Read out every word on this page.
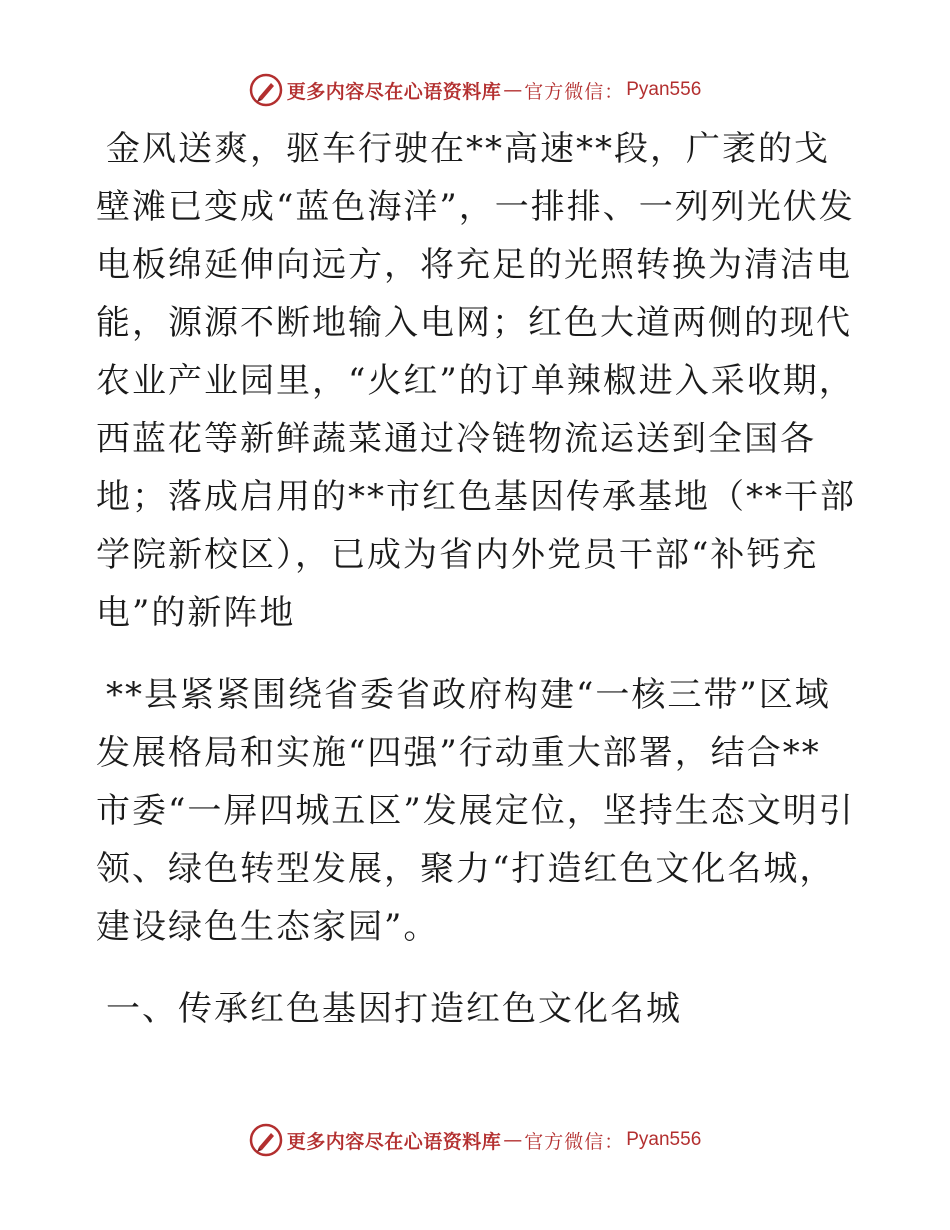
更多内容尽在心语资料库 — 官方微信： Pyan556

金风送爽，驱车行驶在**高速**段，广袤的戈壁滩已变成“蓝色海洋”，一排排、一列列光伏发电板绵延伸向远方，将充足的光照转换为清洁电能，源源不断地输入电网；红色大道两侧的现代农业产业园里，“火红”的订单辣椒进入采收期，西蓝花等新鲜蔬菜通过冷链物流运送到全国各地；落成启用的**市红色基因传承基地（**干部学院新校区），已成为省内外党员干部“补钙充电”的新阵地

**县紧紧围绕省委省政府构建“一核三带”区域发展格局和实施“四强”行动重大部署，结合**市委“一屏四城五区”发展定位，坚持生态文明引领、绿色转型发展，聚力“打造红色文化名城，建设绿色生态家园”。

一、传承红色基因打造红色文化名城

更多内容尽在心语资料库 — 官方微信： Pyan556
